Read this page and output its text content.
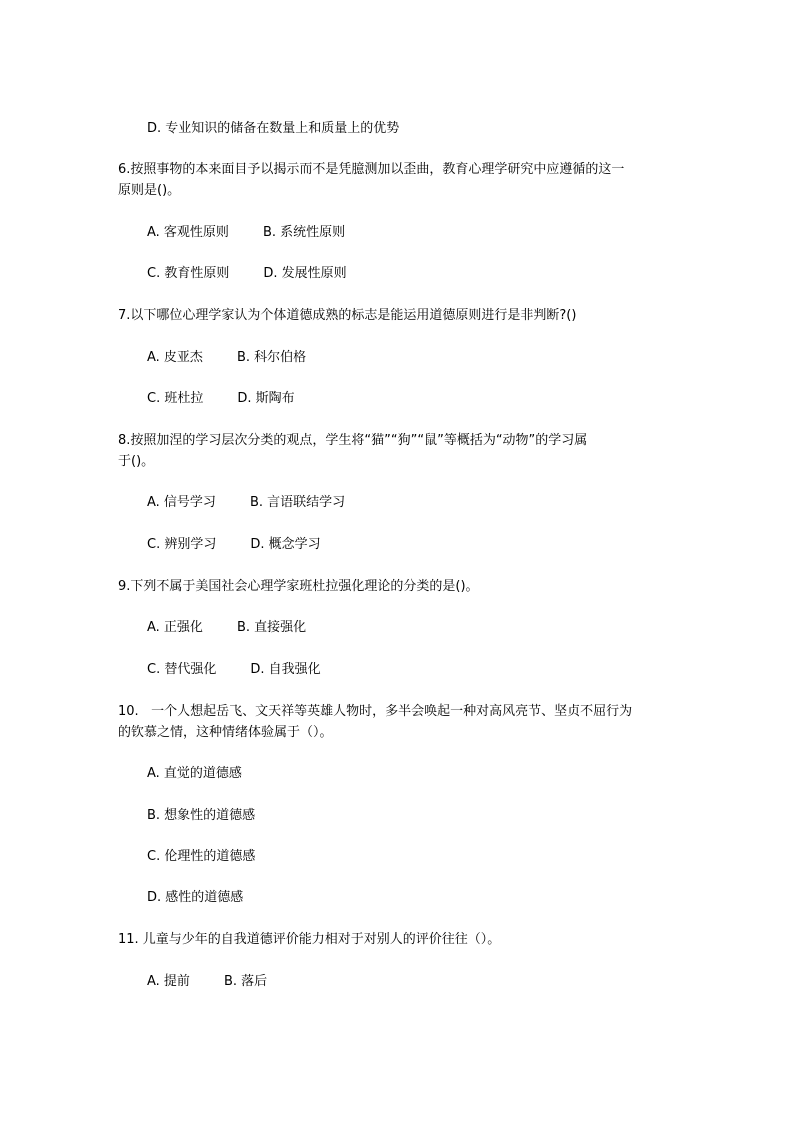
D. 专业知识的储备在数量上和质量上的优势
6.按照事物的本来面目予以揭示而不是凭臆测加以歪曲，教育心理学研究中应遵循的这一
原则是()。
A. 客观性原则	B. 系统性原则
C. 教育性原则	D. 发展性原则
7.以下哪位心理学家认为个体道德成熟的标志是能运用道德原则进行是非判断?()
A. 皮亚杰	B. 科尔伯格
C. 班杜拉	D. 斯陶布
8.按照加涅的学习层次分类的观点，学生将“猫”“狗”“鼠”等概括为“动物”的学习属
于()。
A. 信号学习	B. 言语联结学习
C. 辨别学习	D. 概念学习
9.下列不属于美国社会心理学家班杜拉强化理论的分类的是()。
A. 正强化	B. 直接强化
C. 替代强化	D. 自我强化
10.   一个人想起岳飞、文天祥等英雄人物时，多半会唤起一种对高风亮节、坚贞不屈行为
的钦慕之情，这种情绪体验属于（）。
A. 直觉的道德感
B. 想象性的道德感
C. 伦理性的道德感
D. 感性的道德感
11. 儿童与少年的自我道德评价能力相对于对别人的评价往往（）。
A. 提前	B. 落后
